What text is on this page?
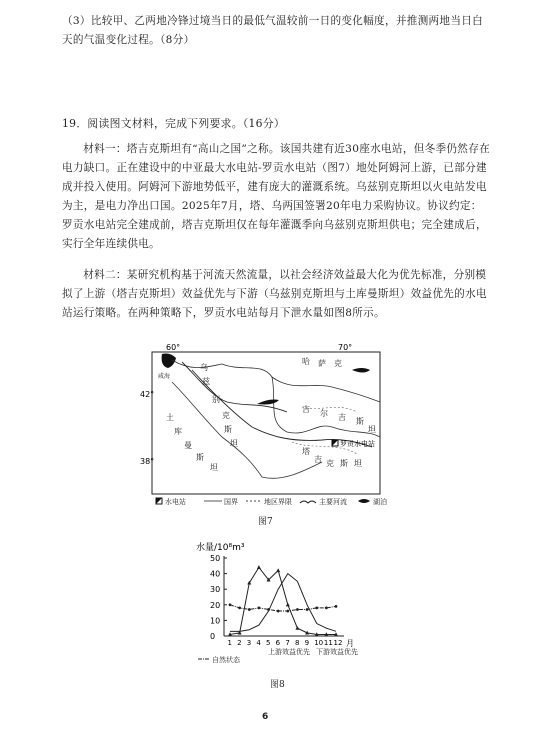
（3）比较甲、乙两地冷锋过境当日的最低气温较前一日的变化幅度，并推测两地当日白天的气温变化过程。（8分）
19．阅读图文材料，完成下列要求。（16分）
材料一：塔吉克斯坦有“高山之国”之称。该国共建有近30座水电站，但冬季仍然存在电力缺口。正在建设中的中亚最大水电站-罗贡水电站（图7）地处阿姆河上游，已部分建成并投入使用。阿姆河下游地势低平，建有庞大的灌溉系统。乌兹别克斯坦以火电站发电为主，是电力净出口国。2025年7月，塔、乌两国签署20年电力采购协议。协议约定：罗贡水电站完全建成前，塔吉克斯坦仅在每年灌溉季向乌兹别克斯坦供电；完全建成后，实行全年连续供电。
材料二：某研究机构基于河流天然流量，以社会经济效益最大化为优先标准，分别模拟了上游（塔吉克斯坦）效益优先与下游（乌兹别克斯坦与土库曼斯坦）效益优先的水电站运行策略。在两种策略下，罗贡水电站每月下泄水量如图8所示。
60°	70°
42°
38°
乌
兹
别
克
斯
坦
土
库
曼
斯
坦
哈 萨 克
吉 尔 吉 斯
坦
塔
吉 克 斯 坦
咸海
罗贡水电站
水电站	国界	地区界限	主要河流	湖泊
图7
水量/10⁸m³
0
10
20
30
40
50
1 2 3 4 5 6 7 8 9 10 11 12 月
自然状态
上游效益优先 下游效益优先
图8
6
